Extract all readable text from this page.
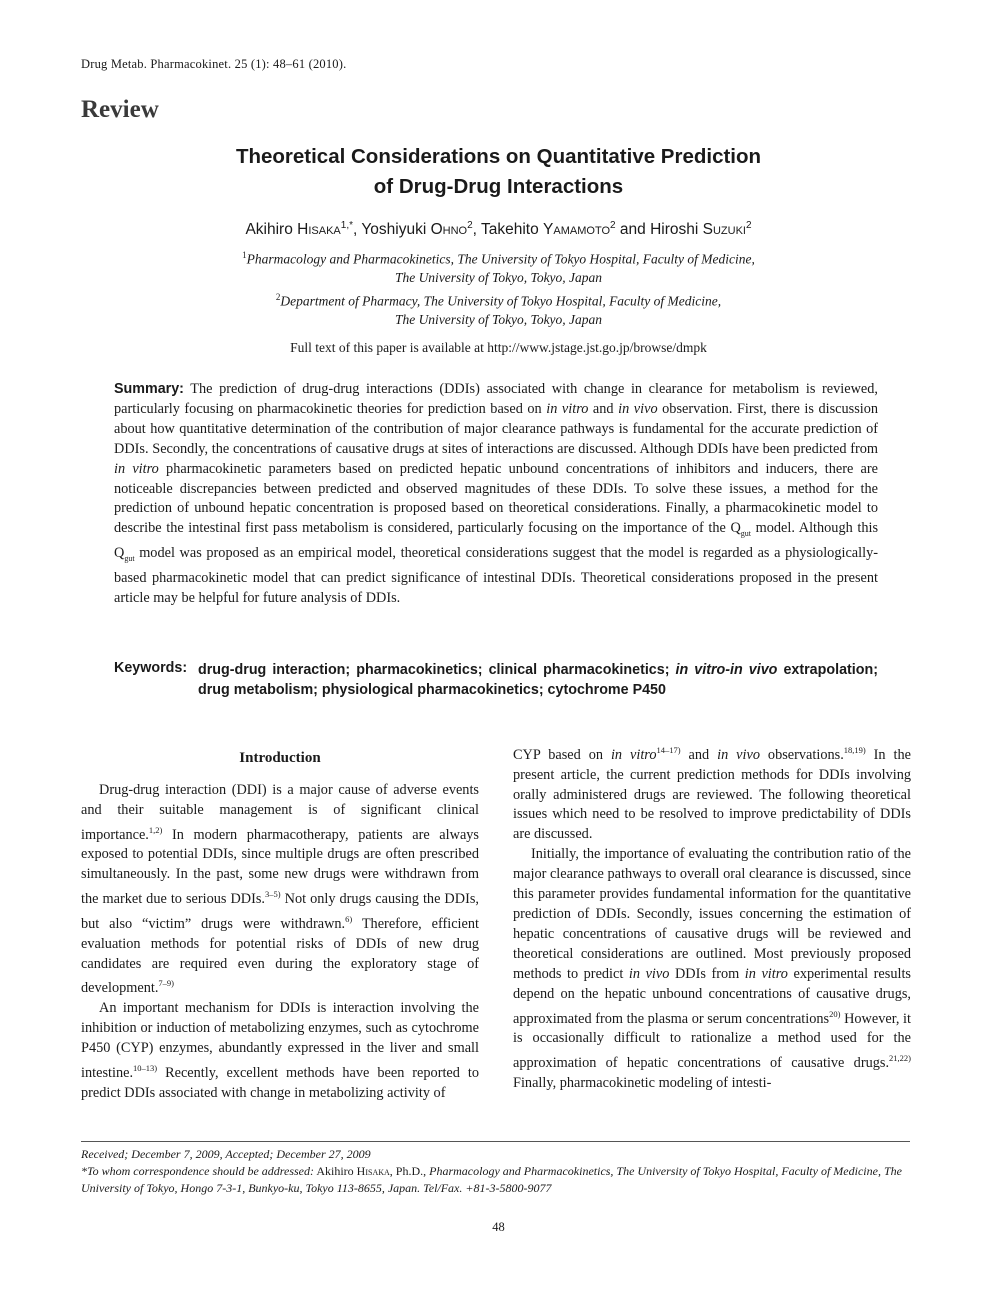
Drug Metab. Pharmacokinet. 25 (1): 48–61 (2010).
Review
Theoretical Considerations on Quantitative Prediction
of Drug-Drug Interactions
Akihiro Hisaka$^{1,*}$, Yoshiyuki Ohno$^2$, Takehito Yamamoto$^2$ and Hiroshi Suzuki$^2$
$^1$Pharmacology and Pharmacokinetics, The University of Tokyo Hospital, Faculty of Medicine,
The University of Tokyo, Tokyo, Japan
$^2$Department of Pharmacy, The University of Tokyo Hospital, Faculty of Medicine,
The University of Tokyo, Tokyo, Japan
Full text of this paper is available at http://www.jstage.jst.go.jp/browse/dmpk
Summary: The prediction of drug-drug interactions (DDIs) associated with change in clearance for metabolism is reviewed, particularly focusing on pharmacokinetic theories for prediction based on in vitro and in vivo observation. First, there is discussion about how quantitative determination of the contribution of major clearance pathways is fundamental for the accurate prediction of DDIs. Secondly, the concentrations of causative drugs at sites of interactions are discussed. Although DDIs have been predicted from in vitro pharmacokinetic parameters based on predicted hepatic unbound concentrations of inhibitors and inducers, there are noticeable discrepancies between predicted and observed magnitudes of these DDIs. To solve these issues, a method for the prediction of unbound hepatic concentration is proposed based on theoretical considerations. Finally, a pharmacokinetic model to describe the intestinal first pass metabolism is considered, particularly focusing on the importance of the $Q_{gut}$ model. Although this $Q_{gut}$ model was proposed as an empirical model, theoretical considerations suggest that the model is regarded as a physiologically-based pharmacokinetic model that can predict significance of intestinal DDIs. Theoretical considerations proposed in the present article may be helpful for future analysis of DDIs.
Keywords: drug-drug interaction; pharmacokinetics; clinical pharmacokinetics; in vitro-in vivo extrapolation; drug metabolism; physiological pharmacokinetics; cytochrome P450
Introduction

Drug-drug interaction (DDI) is a major cause of adverse events and their suitable management is of significant clinical importance.$^{1,2)}$ In modern pharmacotherapy, patients are always exposed to potential DDIs, since multiple drugs are often prescribed simultaneously. In the past, some new drugs were withdrawn from the market due to serious DDIs.$^{3-5)}$ Not only drugs causing the DDIs, but also “victim” drugs were withdrawn.$^{6)}$ Therefore, efficient evaluation methods for potential risks of DDIs of new drug candidates are required even during the exploratory stage of development.$^{7-9)}$

An important mechanism for DDIs is interaction involving the inhibition or induction of metabolizing enzymes, such as cytochrome P450 (CYP) enzymes, abundantly expressed in the liver and small intestine.$^{10-13)}$ Recently, excellent methods have been reported to predict DDIs associated with change in metabolizing activity of

CYP based on in vitro$^{14-17)}$ and in vivo observations.$^{18,19)}$ In the present article, the current prediction methods for DDIs involving orally administered drugs are reviewed. The following theoretical issues which need to be resolved to improve predictability of DDIs are discussed.

Initially, the importance of evaluating the contribution ratio of the major clearance pathways to overall oral clearance is discussed, since this parameter provides fundamental information for the quantitative prediction of DDIs. Secondly, issues concerning the estimation of hepatic concentrations of causative drugs will be reviewed and theoretical considerations are outlined. Most previously proposed methods to predict in vivo DDIs from in vitro experimental results depend on the hepatic unbound concentrations of causative drugs, approximated from the plasma or serum concentrations$^{20)}$ However, it is occasionally difficult to rationalize a method used for the approximation of hepatic concentrations of causative drugs.$^{21,22)}$ Finally, pharmacokinetic modeling of intesti-

Received; December 7, 2009, Accepted; December 27, 2009
*To whom correspondence should be addressed: Akihiro Hisaka, Ph.D., Pharmacology and Pharmacokinetics, The University of Tokyo Hospital, Faculty of Medicine, The University of Tokyo, Hongo 7-3-1, Bunkyo-ku, Tokyo 113-8655, Japan. Tel/Fax. +81-3-5800-9077
48
